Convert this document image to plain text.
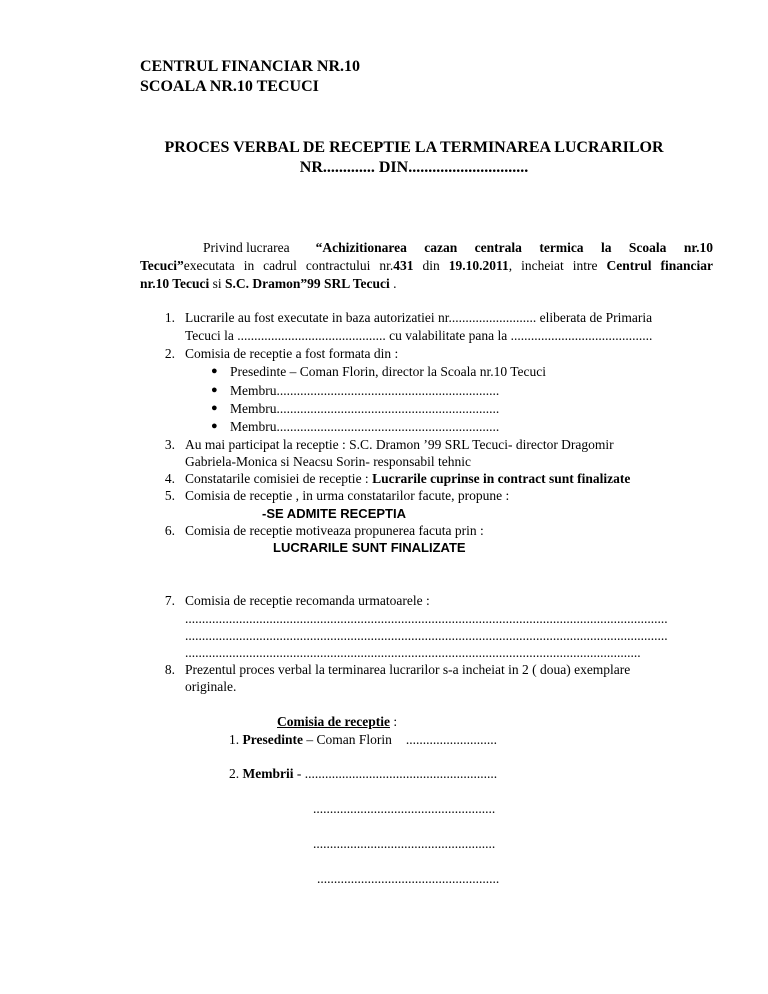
CENTRUL FINANCIAR NR.10
SCOALA NR.10 TECUCI
PROCES VERBAL DE RECEPTIE LA TERMINAREA LUCRARILOR
NR............. DIN..............................
Privind lucrarea “Achizitionarea cazan centrala termica la Scoala nr.10
Tecuci”executata in cadrul contractului nr.431 din 19.10.2011, incheiat intre Centrul financiar
nr.10 Tecuci si S.C. Dramon”99 SRL Tecuci .
1. Lucrarile au fost executate in baza autorizatiei nr.......................... eliberata de Primaria
Tecuci la ............................................ cu valabilitate pana la ..........................................
2. Comisia de receptie a fost formata din :
● Presedinte – Coman Florin, director la Scoala nr.10 Tecuci
● Membru..................................................................
● Membru..................................................................
● Membru..................................................................
3. Au mai participat la receptie : S.C. Dramon ’99 SRL Tecuci- director Dragomir
Gabriela-Monica si Neacsu Sorin- responsabil tehnic
4. Constatarile comisiei de receptie : Lucrarile cuprinse in contract sunt finalizate
5. Comisia de receptie , in urma constatarilor facute, propune :
-SE ADMITE RECEPTIA
6. Comisia de receptie motiveaza propunerea facuta prin :
LUCRARILE SUNT FINALIZATE
7. Comisia de receptie recomanda urmatoarele :
...............................................................................................................................................
...............................................................................................................................................
.......................................................................................................................................
8. Prezentul proces verbal la terminarea lucrarilor s-a incheiat in 2 ( doua) exemplare
originale.
Comisia de receptie :
1. Presedinte – Coman Florin ...........................
2. Membrii - .........................................................
......................................................
......................................................
......................................................
